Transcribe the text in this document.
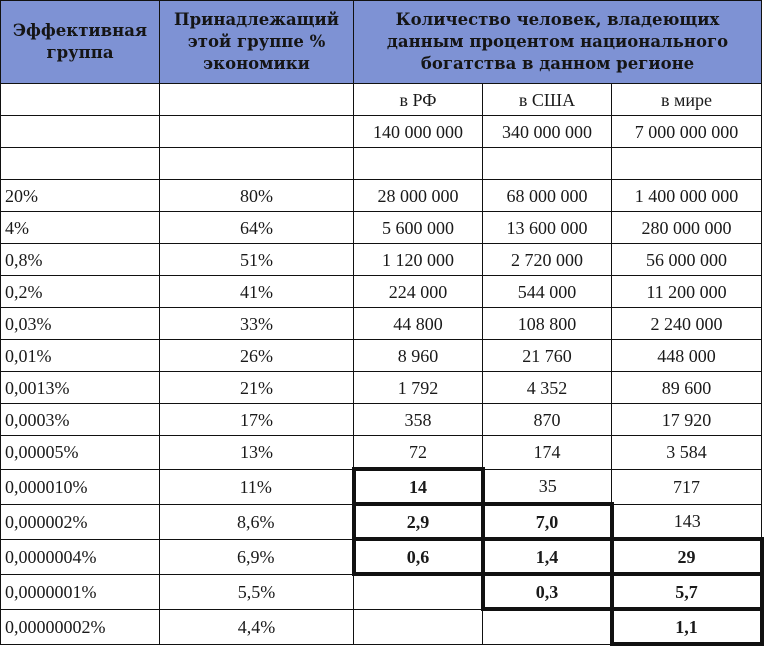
Эффективная группа	Принадлежащий этой группе % экономики	Количество человек, владеющих данным процентом национального богатства в данном регионе		
		в РФ	в США	в мире
		140 000 000	340 000 000	7 000 000 000

20%	80%	28 000 000	68 000 000	1 400 000 000
4%	64%	5 600 000	13 600 000	280 000 000
0,8%	51%	1 120 000	2 720 000	56 000 000
0,2%	41%	224 000	544 000	11 200 000
0,03%	33%	44 800	108 800	2 240 000
0,01%	26%	8 960	21 760	448 000
0,0013%	21%	1 792	4 352	89 600
0,0003%	17%	358	870	17 920
0,00005%	13%	72	174	3 584
0,000010%	11%	14	35	717
0,000002%	8,6%	2,9	7,0	143
0,0000004%	6,9%	0,6	1,4	29
0,0000001%	5,5%		0,3	5,7
0,00000002%	4,4%			1,1
